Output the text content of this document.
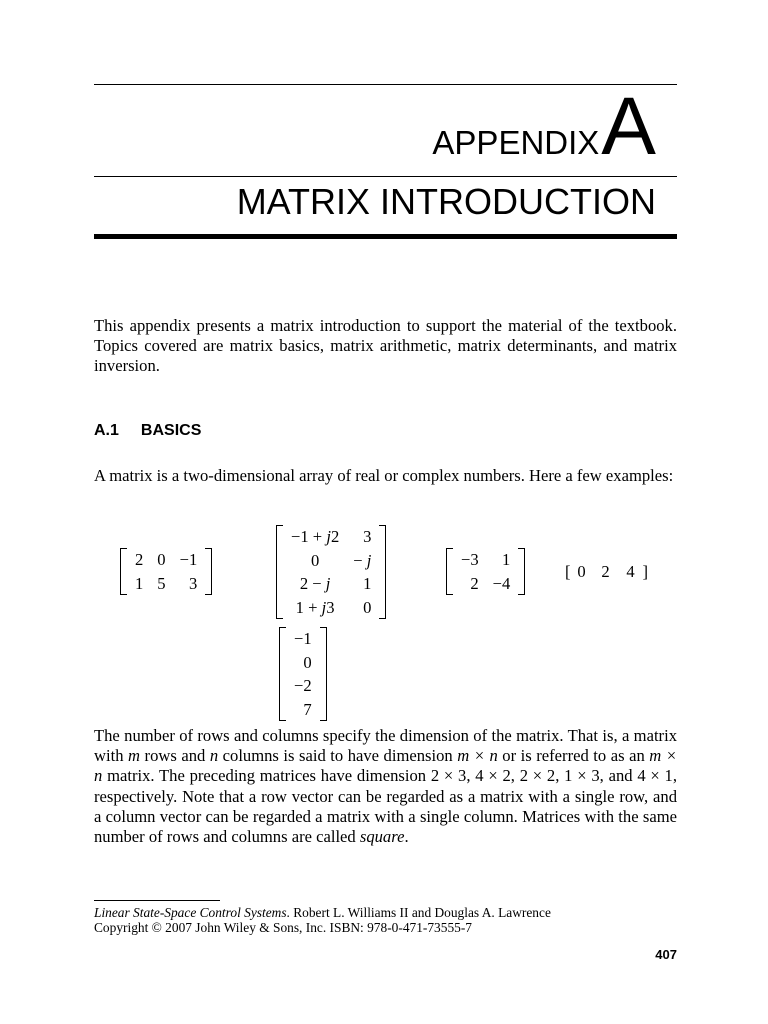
APPENDIXA
MATRIX INTRODUCTION

This appendix presents a matrix introduction to support the material of the textbook. Topics covered are matrix basics, matrix arithmetic, matrix determinants, and matrix inversion.

A.1 BASICS

A matrix is a two-dimensional array of real or complex numbers. Here a few examples:

2	0	−1
1	5	3
−1 + j2	3
0	− j
2 − j	1
1 + j3	0
−3	1
2	−4
[ 0 2 4 ]
−1
0
−2
7

The number of rows and columns specify the dimension of the matrix. That is, a matrix with m rows and n columns is said to have dimension m × n or is referred to as an m × n matrix. The preceding matrices have dimension 2 × 3, 4 × 2, 2 × 2, 1 × 3, and 4 × 1, respectively. Note that a row vector can be regarded as a matrix with a single row, and a column vector can be regarded a matrix with a single column. Matrices with the same number of rows and columns are called square.

Linear State-Space Control Systems. Robert L. Williams II and Douglas A. Lawrence
Copyright © 2007 John Wiley & Sons, Inc. ISBN: 978-0-471-73555-7
407
